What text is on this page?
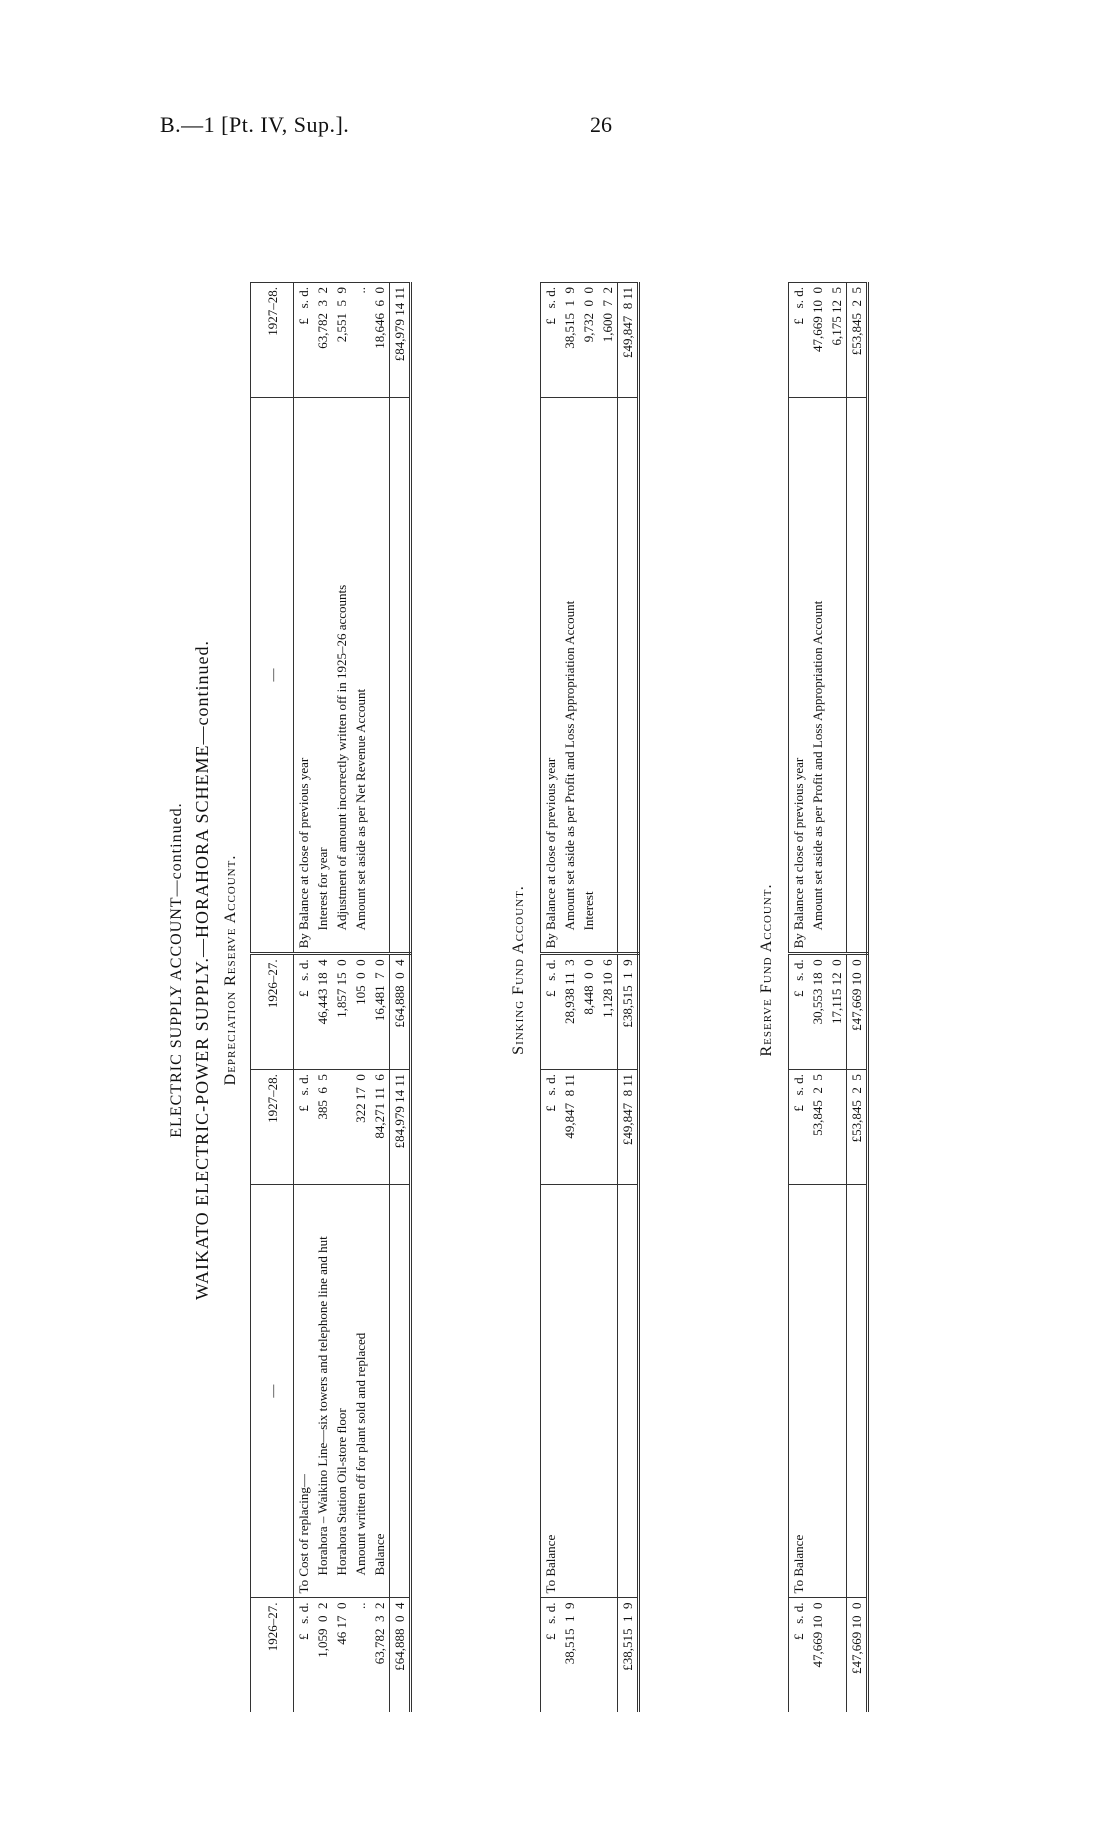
B.—1 [Pt. IV, Sup.].	26
ELECTRIC SUPPLY ACCOUNT—continued. WAIKATO ELECTRIC-POWER SUPPLY.—HORAHORA SCHEME—continued. Depreciation Reserve Account.
1926–27.	—	1927–28.	1926–27.	—	1927–28.
£   s. d.	To Cost of replacing—	£   s. d.	£   s. d.	By Balance at close of previous year	£   s. d.
1,059  0  2	Horahora – Waikino Line—six towers and telephone line and hut	385  6  5	46,443 18  4	Interest for year	63,782  3  2
46 17  0	Horahora Station Oil-store floor		1,857 15  0	Adjustment of amount incorrectly written off in 1925–26 accounts	2,551  5  9
..	Amount written off for plant sold and replaced	322 17  0	105  0  0	Amount set aside as per Net Revenue Account	..
63,782  3  2	Balance	84,271 11  6	16,481  7  0		18,646  6  0
£64,888  0  4		£84,979 14 11	£64,888  0  4		£84,979 14 11
Sinking Fund Account.
£   s. d.	To Balance	£   s. d.	£   s. d.	By Balance at close of previous year	£   s. d.
38,515  1  9		49,847  8 11	28,938 11  3	Amount set aside as per Profit and Loss Appropriation Account	38,515  1  9
			8,448  0  0	Interest	9,732  0  0
			1,128 10  6		1,600  7  2
£38,515  1  9		£49,847  8 11	£38,515  1  9		£49,847  8 11
Reserve Fund Account.
£   s. d.	To Balance	£   s. d.	£   s. d.	By Balance at close of previous year	£   s. d.
47,669 10  0		53,845  2  5	30,553 18  0	Amount set aside as per Profit and Loss Appropriation Account	47,669 10  0
			17,115 12  0		6,175 12  5
£47,669 10  0		£53,845  2  5	£47,669 10  0		£53,845  2  5
